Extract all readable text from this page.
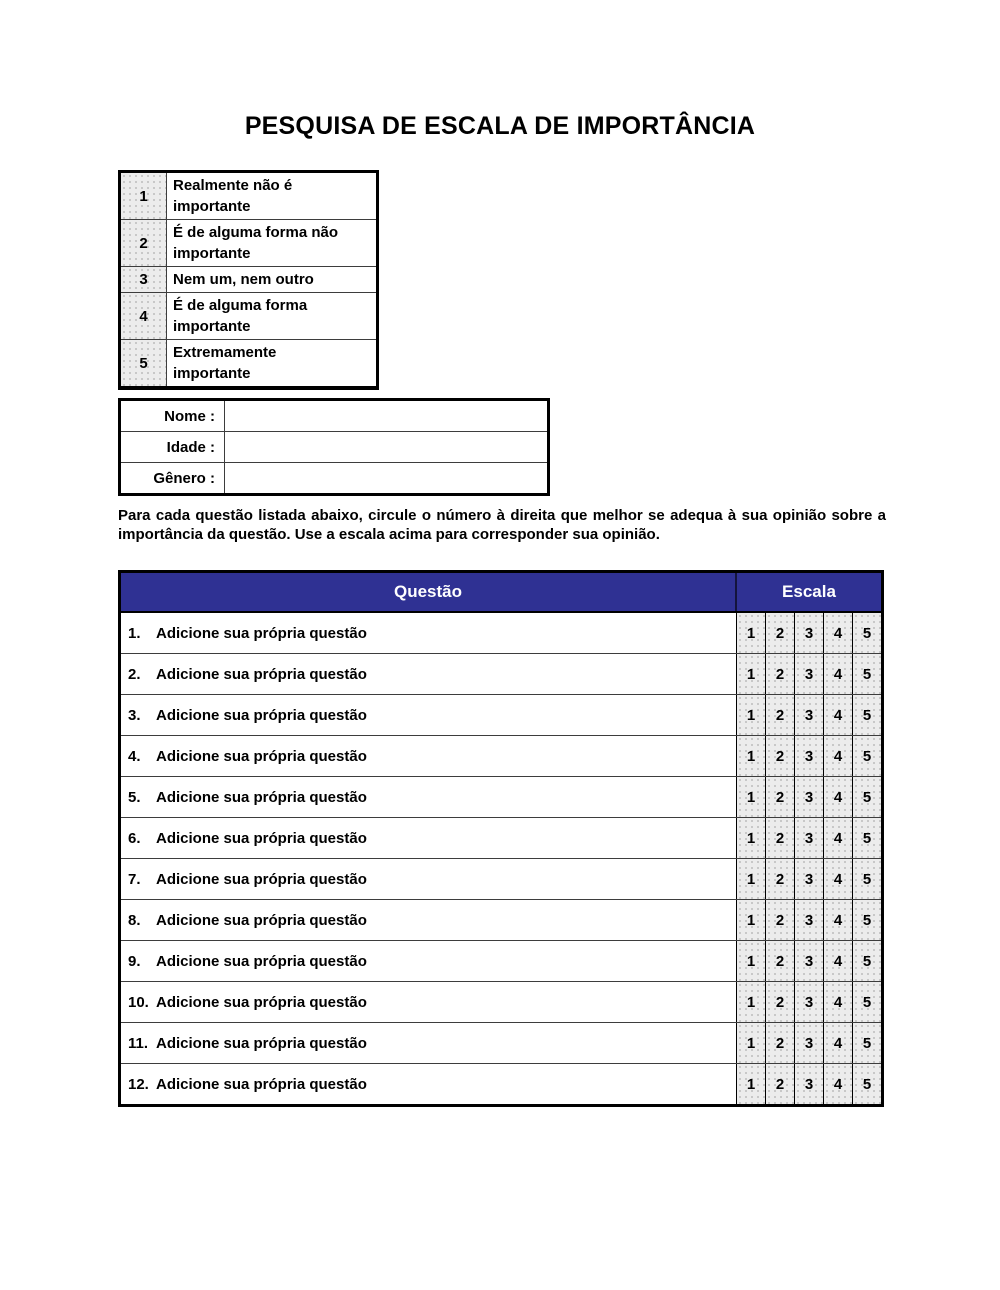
PESQUISA DE ESCALA DE IMPORTÂNCIA
1
Realmente não é importante
2
É de alguma forma não importante
3	Nem um, nem outro
4
É de alguma forma importante
5
Extremamente importante
Nome :
Idade :
Gênero :

Para cada questão listada abaixo, circule o número à direita que melhor se adequa à sua opinião sobre a importância da questão. Use a escala acima para corresponder sua opinião.

Questão	Escala
1.	Adicione sua própria questão	1	2	3	4	5
2.	Adicione sua própria questão	1	2	3	4	5
3.	Adicione sua própria questão	1	2	3	4	5
4.	Adicione sua própria questão	1	2	3	4	5
5.	Adicione sua própria questão	1	2	3	4	5
6.	Adicione sua própria questão	1	2	3	4	5
7.	Adicione sua própria questão	1	2	3	4	5
8.	Adicione sua própria questão	1	2	3	4	5
9.	Adicione sua própria questão	1	2	3	4	5
10. Adicione sua própria questão	1	2	3	4	5
11. Adicione sua própria questão	1	2	3	4	5
12. Adicione sua própria questão	1	2	3	4	5
